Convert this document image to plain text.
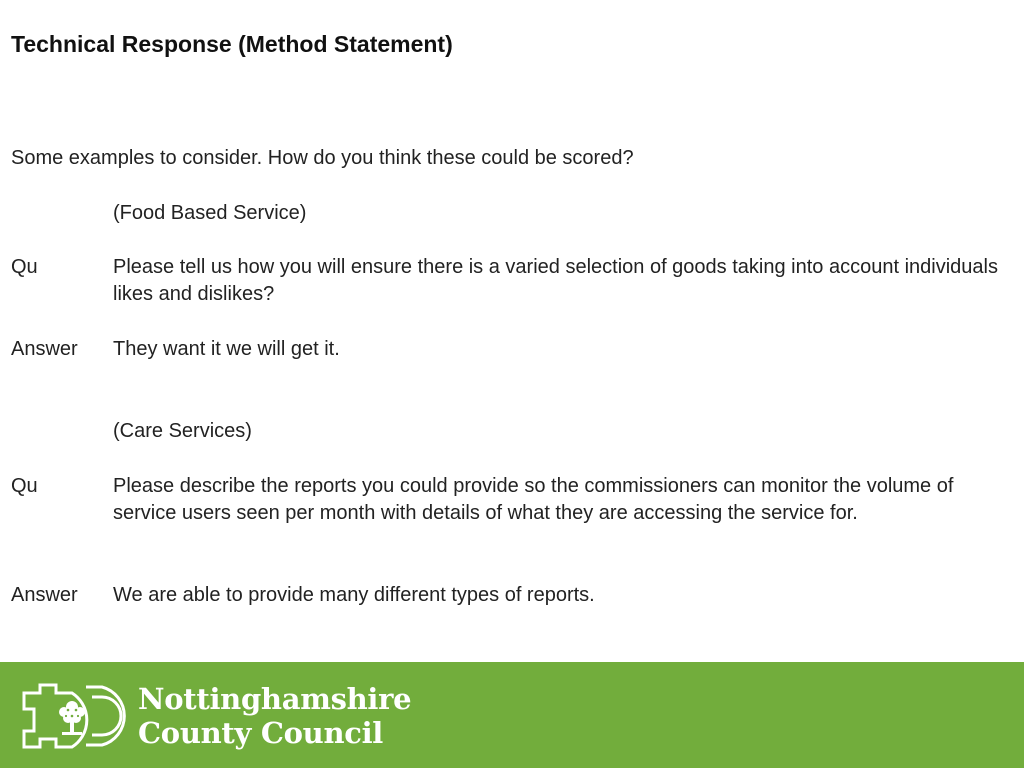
Technical Response (Method Statement)
Some examples to consider. How do you think these could be scored?
(Food Based Service)
Qu	Please tell us how you will ensure there is a varied selection of goods taking into account individuals likes and dislikes?
Answer They want it we will get it.
(Care Services)
Qu	Please describe the reports you could provide so the commissioners can monitor the volume of service users seen per month with details of what they are accessing the service for.
Answer We are able to provide many different types of reports.
Nottinghamshire
County Council
